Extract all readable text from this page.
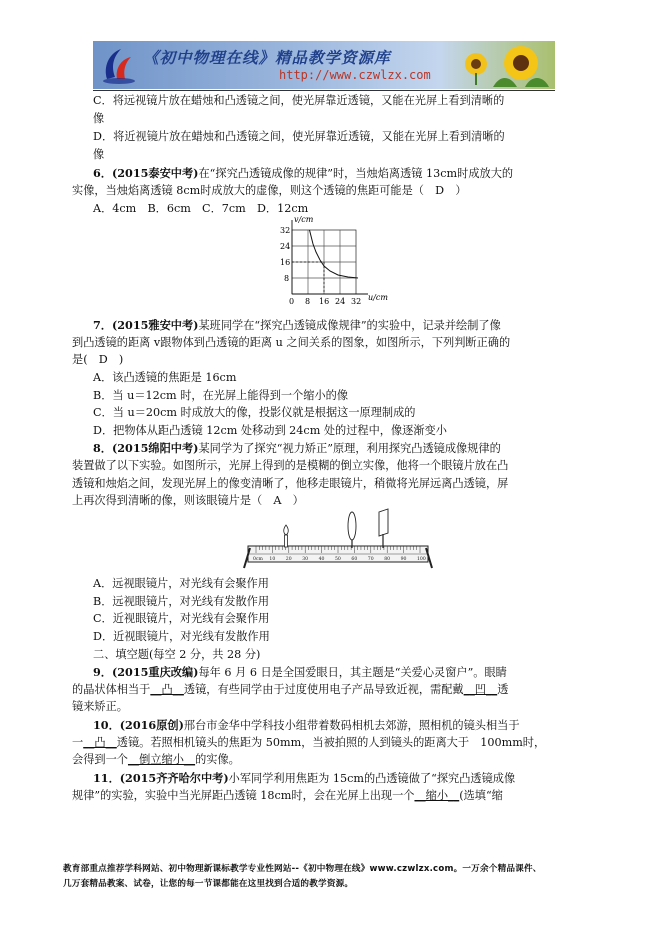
《初中物理在线》精品教学资源库
http://www.czwlzx.com
C．将远视镜片放在蜡烛和凸透镜之间，使光屏靠近透镜，又能在光屏上看到清晰的
像
D．将近视镜片放在蜡烛和凸透镜之间，使光屏靠近透镜，又能在光屏上看到清晰的
像
6．(2015泰安中考)在“探究凸透镜成像的规律”时，当烛焰离透镜 13cm时成放大的
实像，当烛焰离透镜 8cm时成放大的虚像，则这个透镜的焦距可能是（　D　）
A．4cm　B．6cm　C．7cm　D．12cm
v/cm
u/cm
32
24
16
8
0 8 16 24 32
7．(2015雅安中考)某班同学在“探究凸透镜成像规律”的实验中，记录并绘制了像
到凸透镜的距离 v跟物体到凸透镜的距离 u 之间关系的图象，如图所示，下列判断正确的
是(　D　)
A．该凸透镜的焦距是 16cm
B．当 u＝12cm 时，在光屏上能得到一个缩小的像
C．当 u＝20cm 时成放大的像，投影仪就是根据这一原理制成的
D．把物体从距凸透镜 12cm 处移动到 24cm 处的过程中，像逐渐变小
8．(2015绵阳中考)某同学为了探究“视力矫正”原理，利用探究凸透镜成像规律的
装置做了以下实验。如图所示，光屏上得到的是模糊的倒立实像，他将一个眼镜片放在凸
透镜和烛焰之间，发现光屏上的像变清晰了，他移走眼镜片，稍微将光屏远离凸透镜，屏
上再次得到清晰的像，则该眼镜片是（　A　）
0cm 10 20 30 40 50 60 70 80 90 100
A．远视眼镜片，对光线有会聚作用
B．远视眼镜片，对光线有发散作用
C．近视眼镜片，对光线有会聚作用
D．近视眼镜片，对光线有发散作用
二、填空题(每空 2 分，共 28 分)
9．(2015重庆改编)每年 6 月 6 日是全国爱眼日，其主题是“关爱心灵窗户”。眼睛
的晶状体相当于__凸__透镜，有些同学由于过度使用电子产品导致近视，需配戴__凹__透
镜来矫正。
10．(2016原创)邢台市金华中学科技小组带着数码相机去郊游，照相机的镜头相当于
一__凸__透镜。若照相机镜头的焦距为 50mm，当被拍照的人到镜头的距离大于　100mm时，
会得到一个__倒立缩小__的实像。
11．(2015齐齐哈尔中考)小军同学利用焦距为 15cm的凸透镜做了“探究凸透镜成像
规律”的实验，实验中当光屏距凸透镜 18cm时，会在光屏上出现一个__缩小__(选填“缩
教育部重点推荐学科网站、初中物理新课标教学专业性网站--《初中物理在线》www.czwlzx.com。一万余个精品课件、
几万套精品教案、试卷，让您的每一节课都能在这里找到合适的教学资源。
